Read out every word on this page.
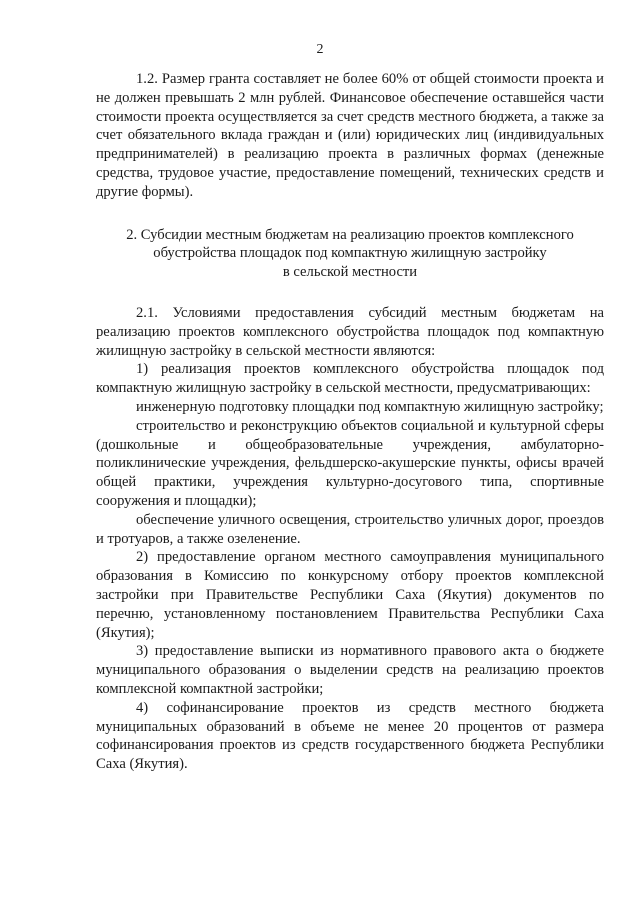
2

1.2. Размер гранта составляет не более 60% от общей стоимости проекта и не должен превышать 2 млн рублей. Финансовое обеспечение оставшейся части стоимости проекта осуществляется за счет средств местного бюджета, а также за счет обязательного вклада граждан и (или) юридических лиц (индивидуальных предпринимателей) в реализацию проекта в различных формах (денежные средства, трудовое участие, предоставление помещений, технических средств и другие формы).

2. Субсидии местным бюджетам на реализацию проектов комплексного
обустройства площадок под компактную жилищную застройку
в сельской местности

2.1. Условиями предоставления субсидий местным бюджетам на реализацию проектов комплексного обустройства площадок под компактную жилищную застройку в сельской местности являются:

1) реализация проектов комплексного обустройства площадок под компактную жилищную застройку в сельской местности, предусматривающих:

инженерную подготовку площадки под компактную жилищную застройку;

строительство и реконструкцию объектов социальной и культурной сферы (дошкольные и общеобразовательные учреждения, амбулаторно-поликлинические учреждения, фельдшерско-акушерские пункты, офисы врачей общей практики, учреждения культурно-досугового типа, спортивные сооружения и площадки);

обеспечение уличного освещения, строительство уличных дорог, проездов и тротуаров, а также озеленение.

2) предоставление органом местного самоуправления муниципального образования в Комиссию по конкурсному отбору проектов комплексной застройки при Правительстве Республики Саха (Якутия) документов по перечню, установленному постановлением Правительства Республики Саха (Якутия);

3) предоставление выписки из нормативного правового акта о бюджете муниципального образования о выделении средств на реализацию проектов комплексной компактной застройки;

4) софинансирование проектов из средств местного бюджета муниципальных образований в объеме не менее 20 процентов от размера софинансирования проектов из средств государственного бюджета Республики Саха (Якутия).
